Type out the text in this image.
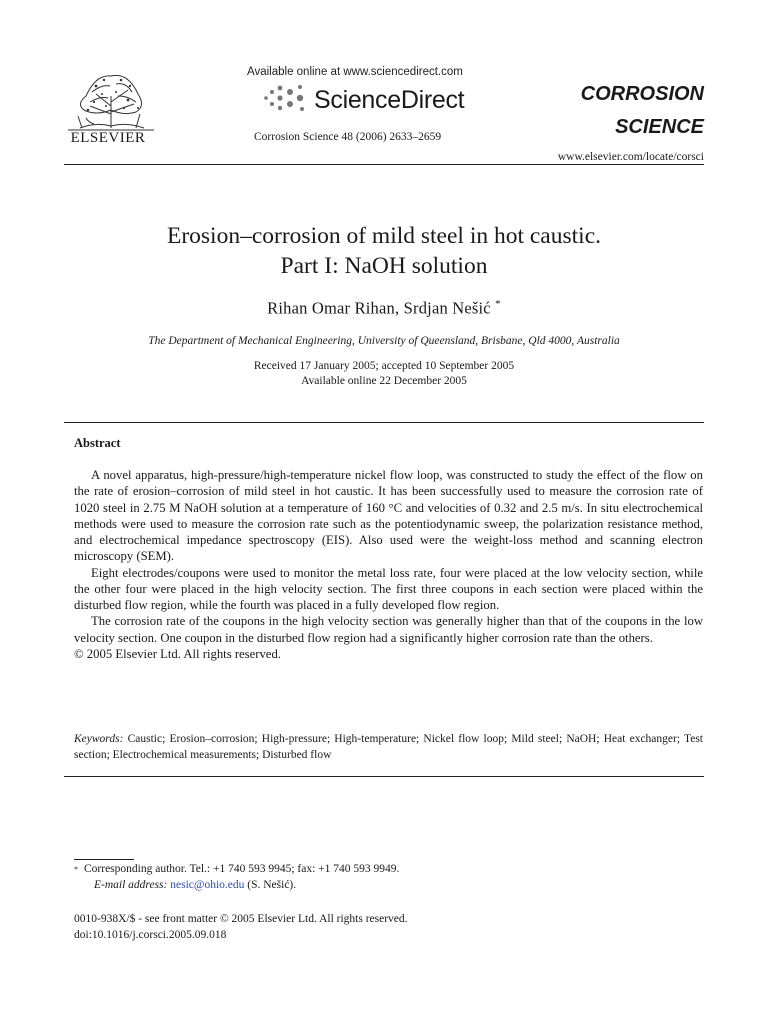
ELSEVIER
Available online at www.sciencedirect.com
ScienceDirect
Corrosion Science 48 (2006) 2633–2659
CORROSION
SCIENCE
www.elsevier.com/locate/corsci
Erosion–corrosion of mild steel in hot caustic.
Part I: NaOH solution
Rihan Omar Rihan, Srdjan Nešić *
The Department of Mechanical Engineering, University of Queensland, Brisbane, Qld 4000, Australia
Received 17 January 2005; accepted 10 September 2005
Available online 22 December 2005
Abstract

A novel apparatus, high-pressure/high-temperature nickel flow loop, was constructed to study the effect of the flow on the rate of erosion–corrosion of mild steel in hot caustic. It has been successfully used to measure the corrosion rate of 1020 steel in 2.75 M NaOH solution at a temperature of 160 °C and velocities of 0.32 and 2.5 m/s. In situ electrochemical methods were used to measure the corrosion rate such as the potentiodynamic sweep, the polarization resistance method, and electrochemical impedance spectroscopy (EIS). Also used were the weight-loss method and scanning electron microscopy (SEM).

Eight electrodes/coupons were used to monitor the metal loss rate, four were placed at the low velocity section, while the other four were placed in the high velocity section. The first three coupons in each section were placed within the disturbed flow region, while the fourth was placed in a fully developed flow region.

The corrosion rate of the coupons in the high velocity section was generally higher than that of the coupons in the low velocity section. One coupon in the disturbed flow region had a significantly higher corrosion rate than the others.

© 2005 Elsevier Ltd. All rights reserved.

Keywords: Caustic; Erosion–corrosion; High-pressure; High-temperature; Nickel flow loop; Mild steel; NaOH; Heat exchanger; Test section; Electrochemical measurements; Disturbed flow
* Corresponding author. Tel.: +1 740 593 9945; fax: +1 740 593 9949.
E-mail address: nesic@ohio.edu (S. Nešić).
0010-938X/$ - see front matter © 2005 Elsevier Ltd. All rights reserved.
doi:10.1016/j.corsci.2005.09.018
